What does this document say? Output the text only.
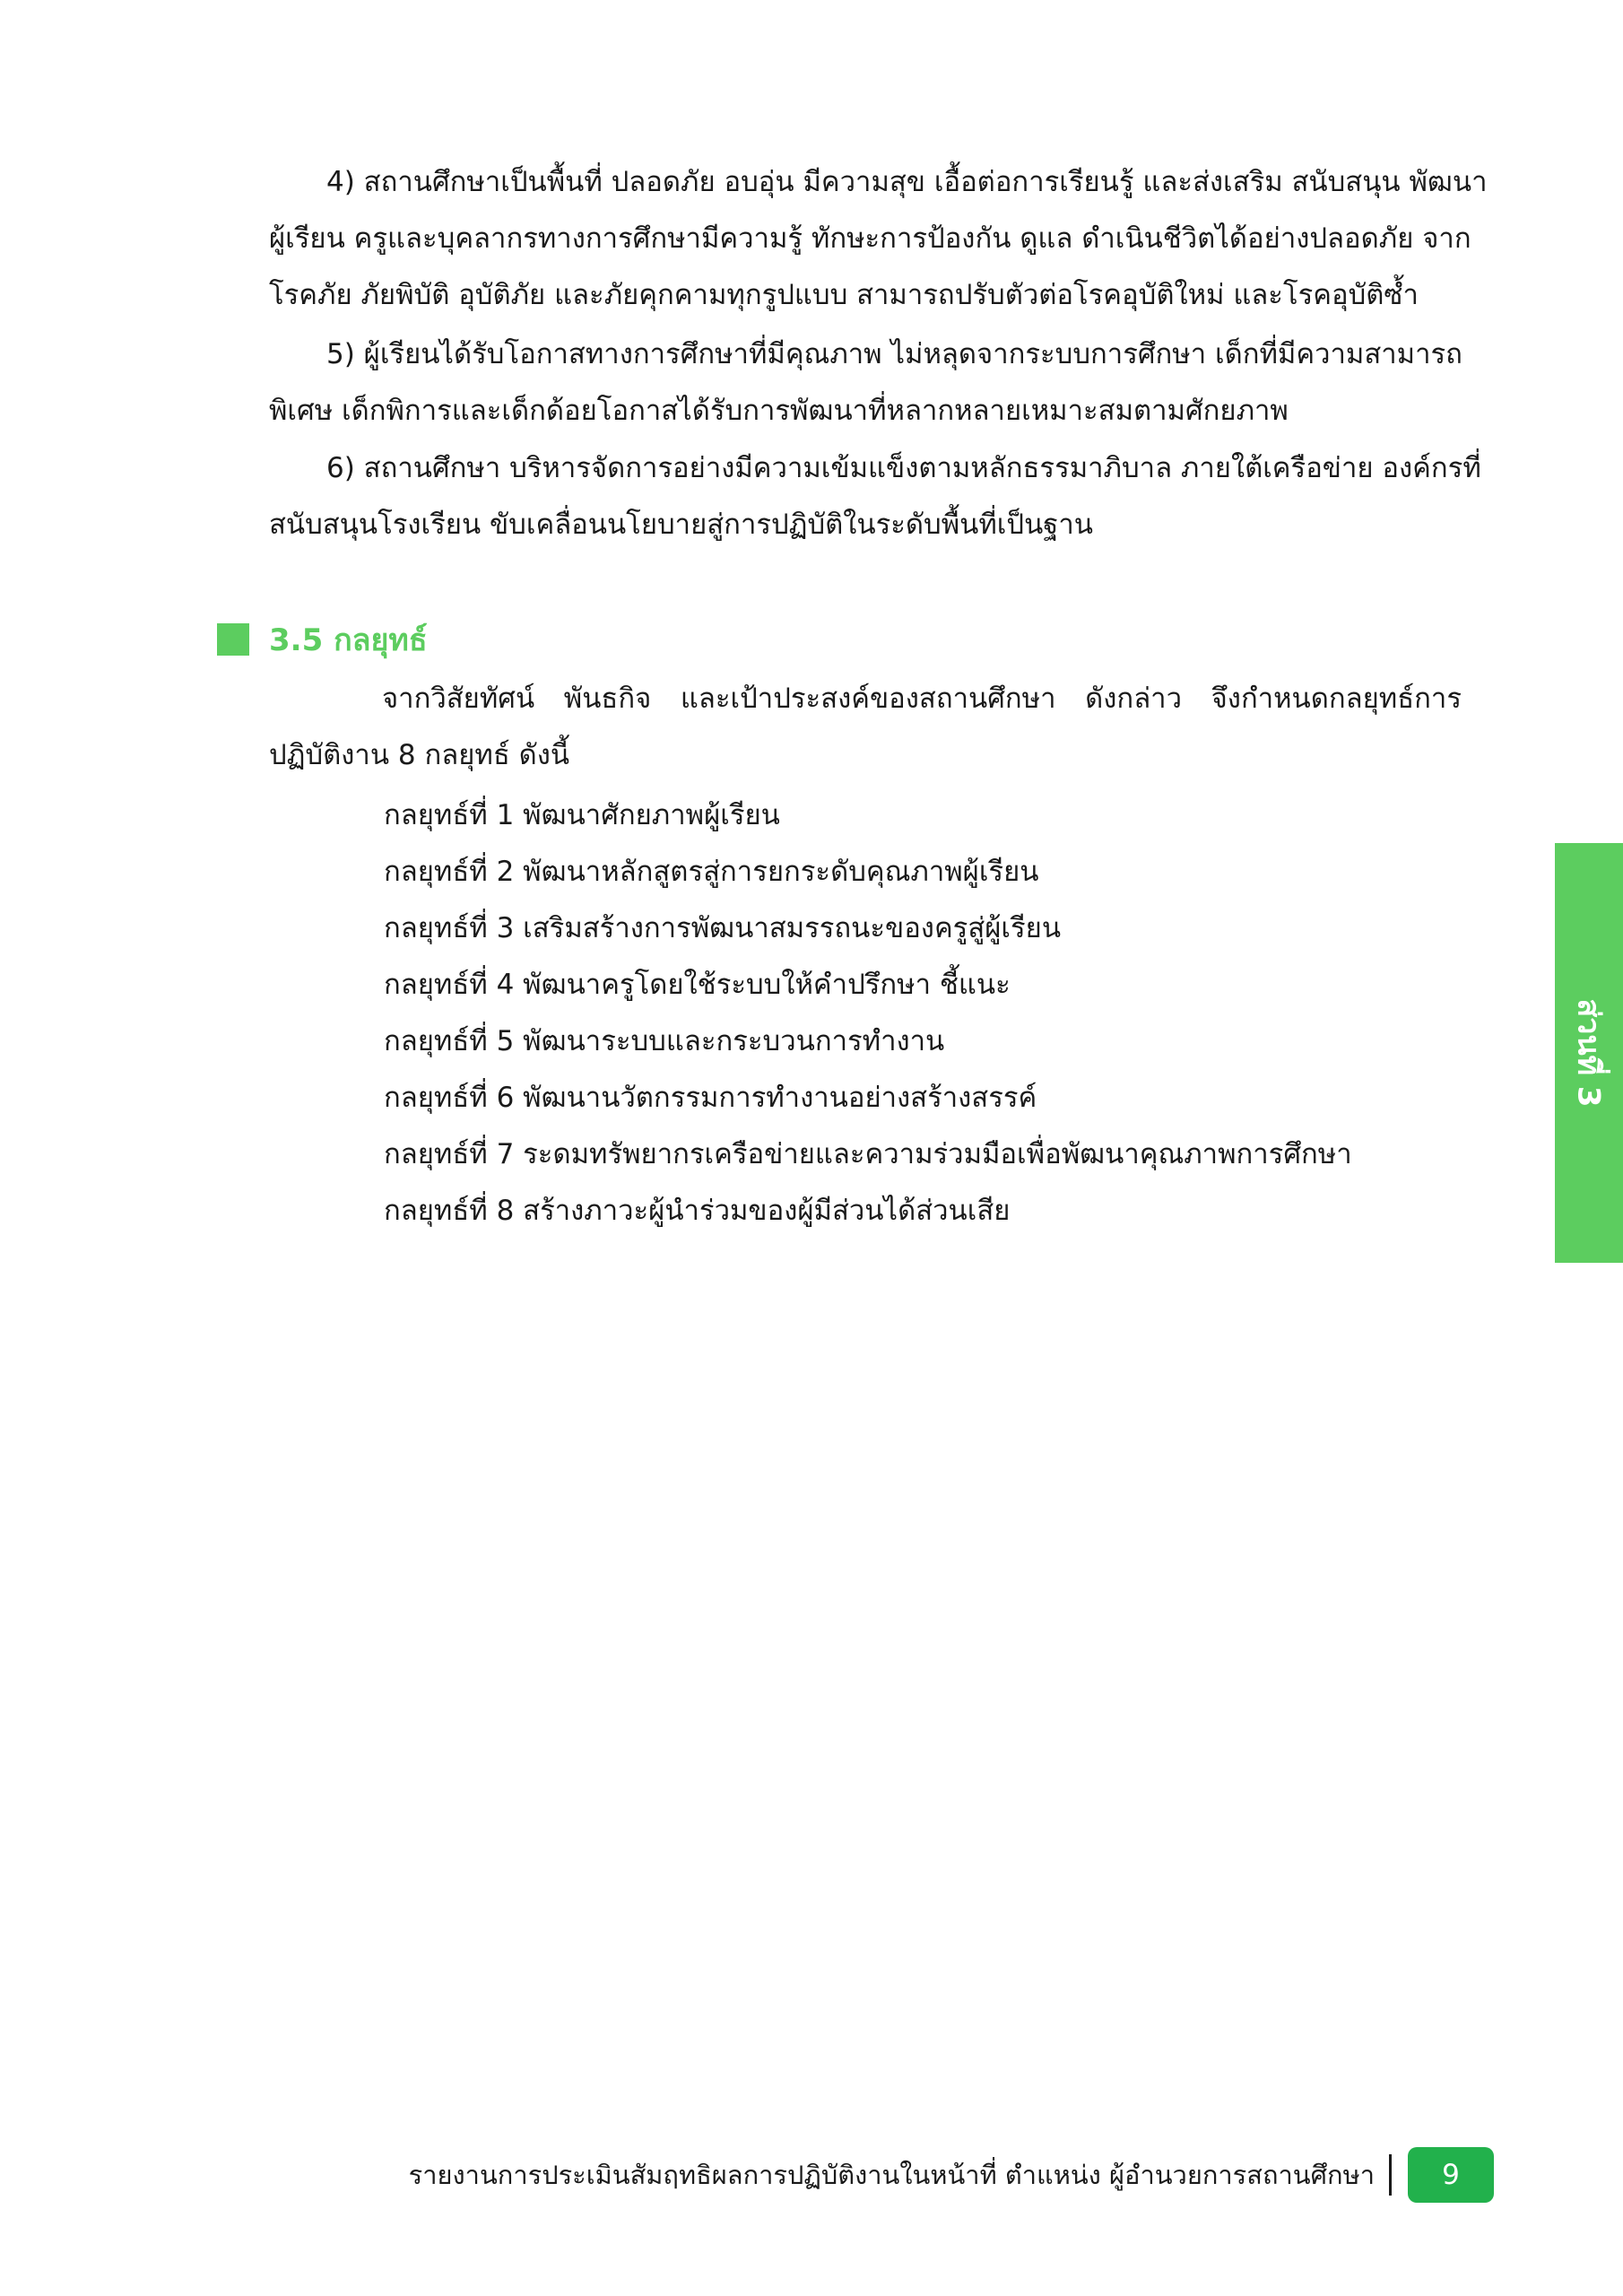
4) สถานศึกษาเป็นพื้นที่ ปลอดภัย อบอุ่น มีความสุข เอื้อต่อการเรียนรู้ และส่งเสริม สนับสนุน พัฒนา
ผู้เรียน ครูและบุคลากรทางการศึกษามีความรู้ ทักษะการป้องกัน ดูแล ดำเนินชีวิตได้อย่างปลอดภัย จาก
โรคภัย ภัยพิบัติ อุบัติภัย และภัยคุกคามทุกรูปแบบ สามารถปรับตัวต่อโรคอุบัติใหม่ และโรคอุบัติซ้ำ

5) ผู้เรียนได้รับโอกาสทางการศึกษาที่มีคุณภาพ ไม่หลุดจากระบบการศึกษา เด็กที่มีความสามารถ
พิเศษ เด็กพิการและเด็กด้อยโอกาสได้รับการพัฒนาที่หลากหลายเหมาะสมตามศักยภาพ

6) สถานศึกษา บริหารจัดการอย่างมีความเข้มแข็งตามหลักธรรมาภิบาล ภายใต้เครือข่าย องค์กรที่
สนับสนุนโรงเรียน ขับเคลื่อนนโยบายสู่การปฏิบัติในระดับพื้นที่เป็นฐาน

3.5 กลยุทธ์

จากวิสัยทัศน์ พันธกิจ และเป้าประสงค์ของสถานศึกษา ดังกล่าว จึงกำหนดกลยุทธ์การ
ปฏิบัติงาน 8 กลยุทธ์ ดังนี้

กลยุทธ์ที่ 1 พัฒนาศักยภาพผู้เรียน
กลยุทธ์ที่ 2 พัฒนาหลักสูตรสู่การยกระดับคุณภาพผู้เรียน
กลยุทธ์ที่ 3 เสริมสร้างการพัฒนาสมรรถนะของครูสู่ผู้เรียน
กลยุทธ์ที่ 4 พัฒนาครูโดยใช้ระบบให้คำปรึกษา ชี้แนะ
กลยุทธ์ที่ 5 พัฒนาระบบและกระบวนการทำงาน
กลยุทธ์ที่ 6 พัฒนานวัตกรรมการทำงานอย่างสร้างสรรค์
กลยุทธ์ที่ 7 ระดมทรัพยากรเครือข่ายและความร่วมมือเพื่อพัฒนาคุณภาพการศึกษา
กลยุทธ์ที่ 8 สร้างภาวะผู้นำร่วมของผู้มีส่วนได้ส่วนเสีย
ส่วนที่ 3
รายงานการประเมินสัมฤทธิผลการปฏิบัติงานในหน้าที่ ตำแหน่ง ผู้อำนวยการสถานศึกษา	9
